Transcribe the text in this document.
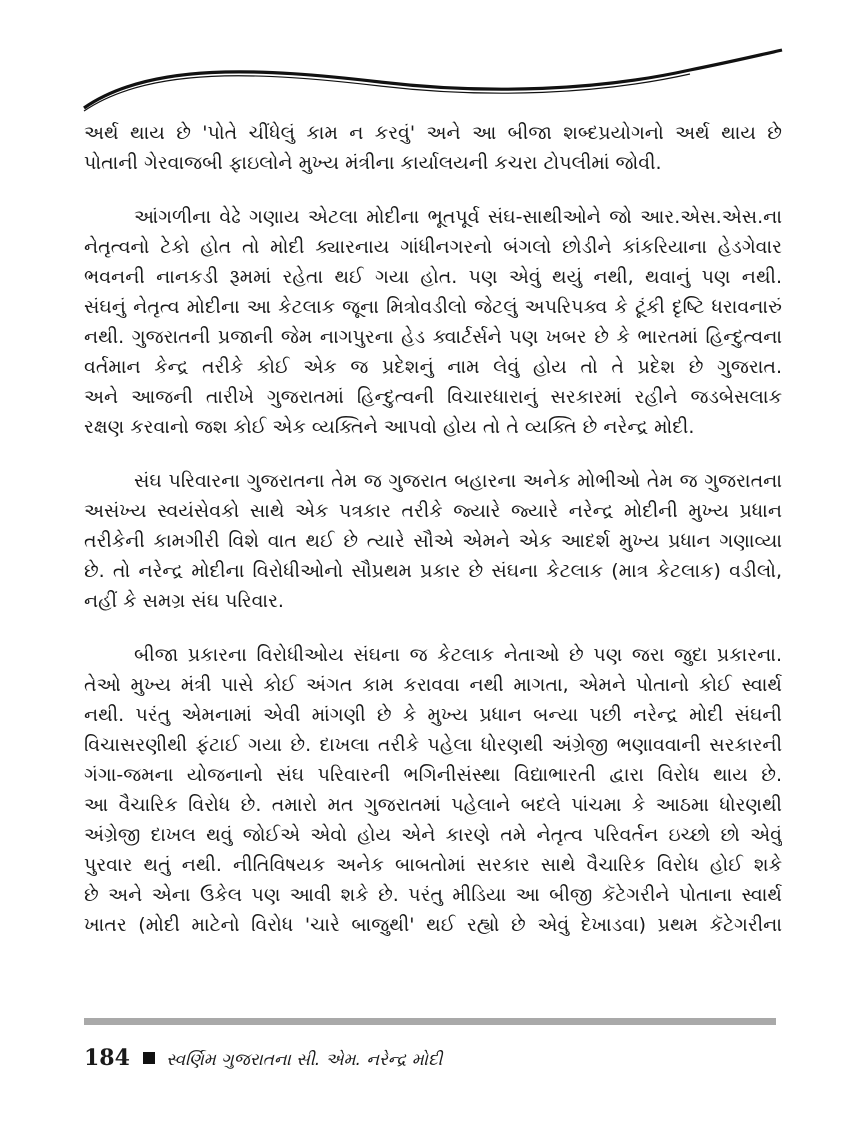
અર્થ થાય છે 'પોતે ચીંધેલું કામ ન કરવું' અને આ બીજા શબ્દપ્રયોગનો અર્થ થાય છે
પોતાની ગેરવાજબી ફાઇલોને મુખ્ય મંત્રીના કાર્યાલયની કચરા ટોપલીમાં જોવી.
આંગળીના વેઢે ગણાય એટલા મોદીના ભૂતપૂર્વ સંઘ-સાથીઓને જો આર.એસ.એસ.ના
નેતૃત્વનો ટેકો હોત તો મોદી ક્યારનાય ગાંધીનગરનો બંગલો છોડીને કાંકરિયાના હેડગેવાર
ભવનની નાનકડી રૂમમાં રહેતા થઈ ગયા હોત. પણ એવું થયું નથી, થવાનું પણ નથી.
સંઘનું નેતૃત્વ મોદીના આ કેટલાક જૂના મિત્રોવડીલો જેટલું અપરિપક્વ કે ટૂંકી દૃષ્ટિ ધરાવનારું
નથી. ગુજરાતની પ્રજાની જેમ નાગપુરના હેડ ક્વાર્ટર્સને પણ ખબર છે કે ભારતમાં હિન્દુત્વના
વર્તમાન કેન્દ્ર તરીકે કોઈ એક જ પ્રદેશનું નામ લેવું હોય તો તે પ્રદેશ છે ગુજરાત.
અને આજની તારીખે ગુજરાતમાં હિન્દુત્વની વિચારધારાનું સરકારમાં રહીને જડબેસલાક
રક્ષણ કરવાનો જશ કોઈ એક વ્યક્તિને આપવો હોય તો તે વ્યક્તિ છે નરેન્દ્ર મોદી.
સંઘ પરિવારના ગુજરાતના તેમ જ ગુજરાત બહારના અનેક મોભીઓ તેમ જ ગુજરાતના
અસંખ્ય સ્વયંસેવકો સાથે એક પત્રકાર તરીકે જ્યારે જ્યારે નરેન્દ્ર મોદીની મુખ્ય પ્રધાન
તરીકેની કામગીરી વિશે વાત થઈ છે ત્યારે સૌએ એમને એક આદર્શ મુખ્ય પ્રધાન ગણાવ્યા
છે. તો નરેન્દ્ર મોદીના વિરોધીઓનો સૌપ્રથમ પ્રકાર છે સંઘના કેટલાક (માત્ર કેટલાક) વડીલો,
નહીં કે સમગ્ર સંઘ પરિવાર.
બીજા પ્રકારના વિરોધીઓય સંઘના જ કેટલાક નેતાઓ છે પણ જરા જુદા પ્રકારના.
તેઓ મુખ્ય મંત્રી પાસે કોઈ અંગત કામ કરાવવા નથી માગતા, એમને પોતાનો કોઈ સ્વાર્થ
નથી. પરંતુ એમનામાં એવી માંગણી છે કે મુખ્ય પ્રધાન બન્યા પછી નરેન્દ્ર મોદી સંઘની
વિચાસરણીથી ફંટાઈ ગયા છે. દાખલા તરીકે પહેલા ધોરણથી અંગ્રેજી ભણાવવાની સરકારની
ગંગા-જમના યોજનાનો સંઘ પરિવારની ભગિનીસંસ્થા વિદ્યાભારતી દ્વારા વિરોધ થાય છે.
આ વૈચારિક વિરોધ છે. તમારો મત ગુજરાતમાં પહેલાને બદલે પાંચમા કે આઠમા ધોરણથી
અંગ્રેજી દાખલ થવું જોઈએ એવો હોય એને કારણે તમે નેતૃત્વ પરિવર્તન ઇચ્છો છો એવું
પુરવાર થતું નથી. નીતિવિષયક અનેક બાબતોમાં સરકાર સાથે વૈચારિક વિરોધ હોઈ શકે
છે અને એના ઉકેલ પણ આવી શકે છે. પરંતુ મીડિયા આ બીજી કૅટેગરીને પોતાના સ્વાર્થ
ખાતર (મોદી માટેનો વિરોધ 'ચારે બાજુથી' થઈ રહ્યો છે એવું દેખાડવા) પ્રથમ કૅટેગરીના
184 સ્વર્ણિમ ગુજરાતના સી. એમ. નરેન્દ્ર મોદી
